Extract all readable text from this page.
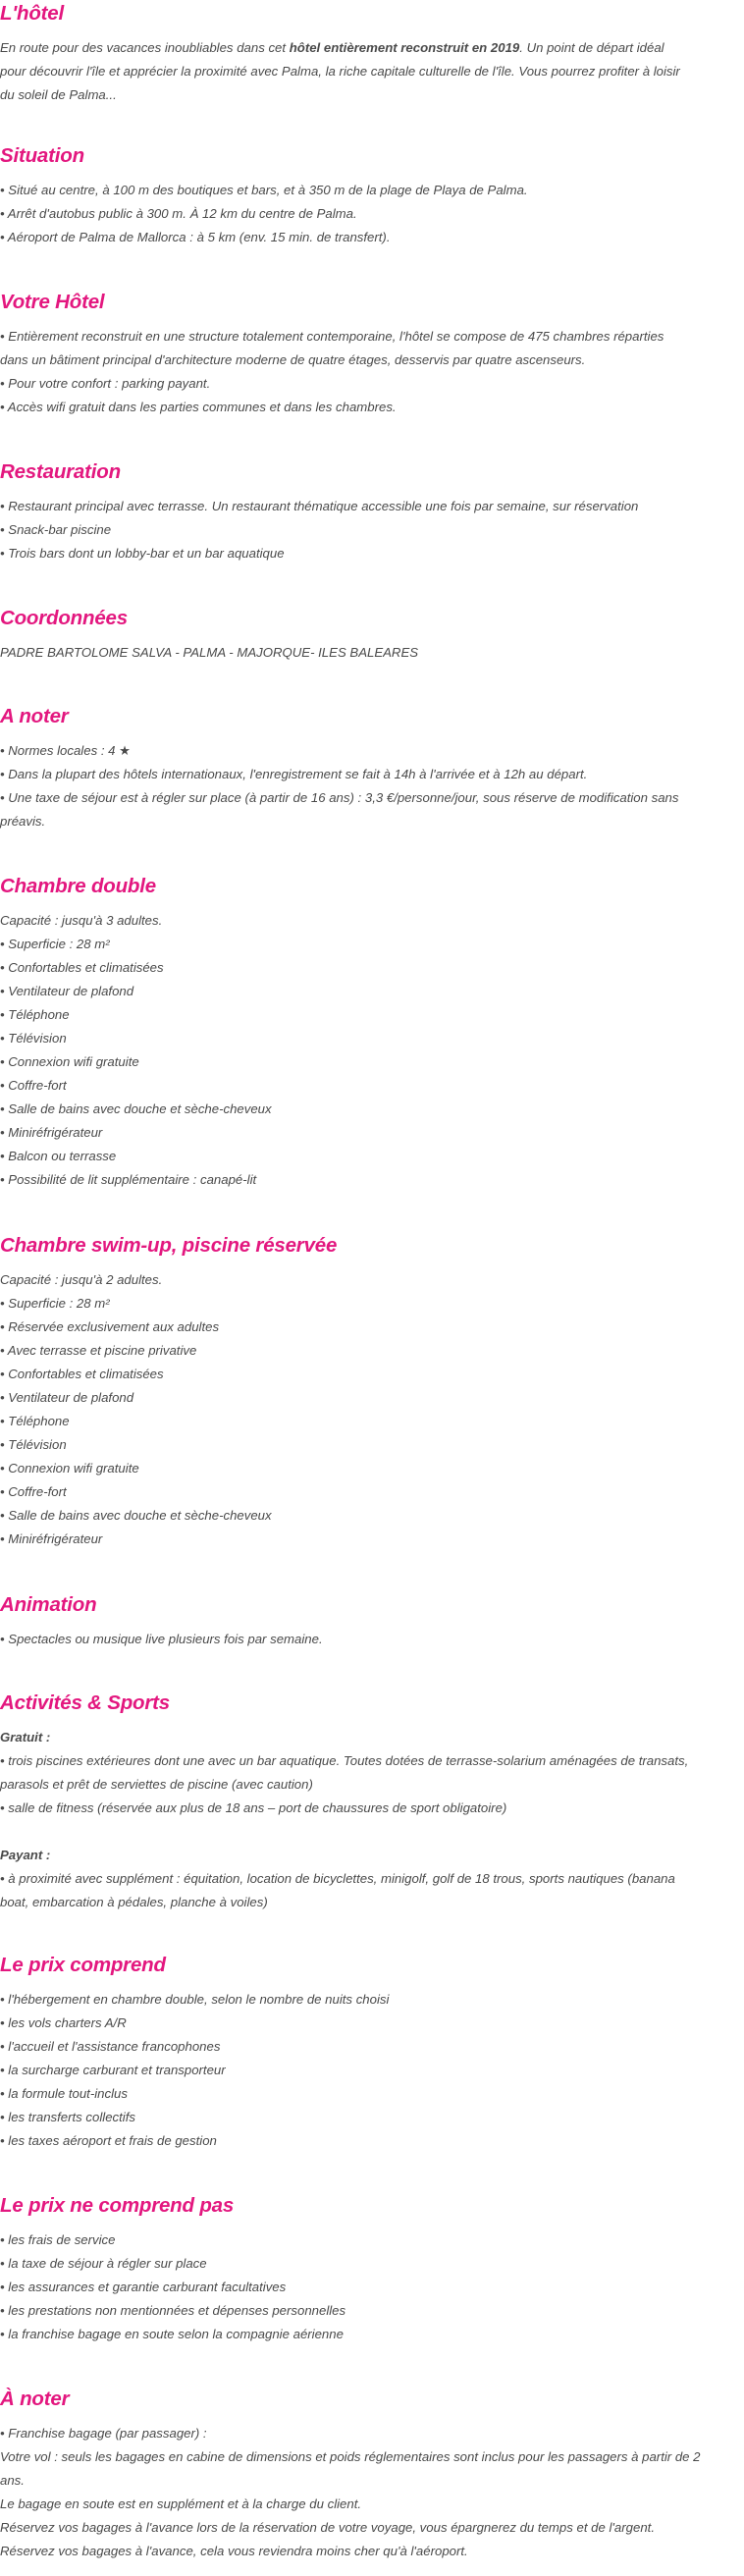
L'hôtel

En route pour des vacances inoubliables dans cet hôtel entièrement reconstruit en 2019. Un point de départ idéal
pour découvrir l'île et apprécier la proximité avec Palma, la riche capitale culturelle de l'île. Vous pourrez profiter à loisir
du soleil de Palma...

Situation
• Situé au centre, à 100 m des boutiques et bars, et à 350 m de la plage de Playa de Palma.
• Arrêt d'autobus public à 300 m. À 12 km du centre de Palma.
• Aéroport de Palma de Mallorca : à 5 km (env. 15 min. de transfert).
Votre Hôtel
• Entièrement reconstruit en une structure totalement contemporaine, l'hôtel se compose de 475 chambres réparties
dans un bâtiment principal d'architecture moderne de quatre étages, desservis par quatre ascenseurs.
• Pour votre confort : parking payant.
• Accès wifi gratuit dans les parties communes et dans les chambres.
Restauration
• Restaurant principal avec terrasse. Un restaurant thématique accessible une fois par semaine, sur réservation
• Snack-bar piscine
• Trois bars dont un lobby-bar et un bar aquatique
Coordonnées
PADRE BARTOLOME SALVA - PALMA - MAJORQUE- ILES BALEARES
A noter
• Normes locales : 4 ★
• Dans la plupart des hôtels internationaux, l'enregistrement se fait à 14h à l'arrivée et à 12h au départ.
• Une taxe de séjour est à régler sur place (à partir de 16 ans) : 3,3 €/personne/jour, sous réserve de modification sans
préavis.
Chambre double
Capacité : jusqu'à 3 adultes.
• Superficie : 28 m²
• Confortables et climatisées
• Ventilateur de plafond
• Téléphone
• Télévision
• Connexion wifi gratuite
• Coffre-fort
• Salle de bains avec douche et sèche-cheveux
• Miniréfrigérateur
• Balcon ou terrasse
• Possibilité de lit supplémentaire : canapé-lit
Chambre swim-up, piscine réservée
Capacité : jusqu'à 2 adultes.
• Superficie : 28 m²
• Réservée exclusivement aux adultes
• Avec terrasse et piscine privative
• Confortables et climatisées
• Ventilateur de plafond
• Téléphone
• Télévision
• Connexion wifi gratuite
• Coffre-fort
• Salle de bains avec douche et sèche-cheveux
• Miniréfrigérateur
Animation
• Spectacles ou musique live plusieurs fois par semaine.
Activités & Sports
Gratuit :
• trois piscines extérieures dont une avec un bar aquatique. Toutes dotées de terrasse-solarium aménagées de transats,
parasols et prêt de serviettes de piscine (avec caution)
• salle de fitness (réservée aux plus de 18 ans – port de chaussures de sport obligatoire)
Payant :
• à proximité avec supplément : équitation, location de bicyclettes, minigolf, golf de 18 trous, sports nautiques (banana
boat, embarcation à pédales, planche à voiles)
Le prix comprend
• l'hébergement en chambre double, selon le nombre de nuits choisi
• les vols charters A/R
• l'accueil et l'assistance francophones
• la surcharge carburant et transporteur
• la formule tout-inclus
• les transferts collectifs
• les taxes aéroport et frais de gestion
Le prix ne comprend pas
• les frais de service
• la taxe de séjour à régler sur place
• les assurances et garantie carburant facultatives
• les prestations non mentionnées et dépenses personnelles
• la franchise bagage en soute selon la compagnie aérienne
À noter
• Franchise bagage (par passager) :
Votre vol : seuls les bagages en cabine de dimensions et poids réglementaires sont inclus pour les passagers à partir de 2
ans.
Le bagage en soute est en supplément et à la charge du client.
Réservez vos bagages à l'avance lors de la réservation de votre voyage, vous épargnerez du temps et de l'argent.
Réservez vos bagages à l'avance, cela vous reviendra moins cher qu'à l'aéroport.
